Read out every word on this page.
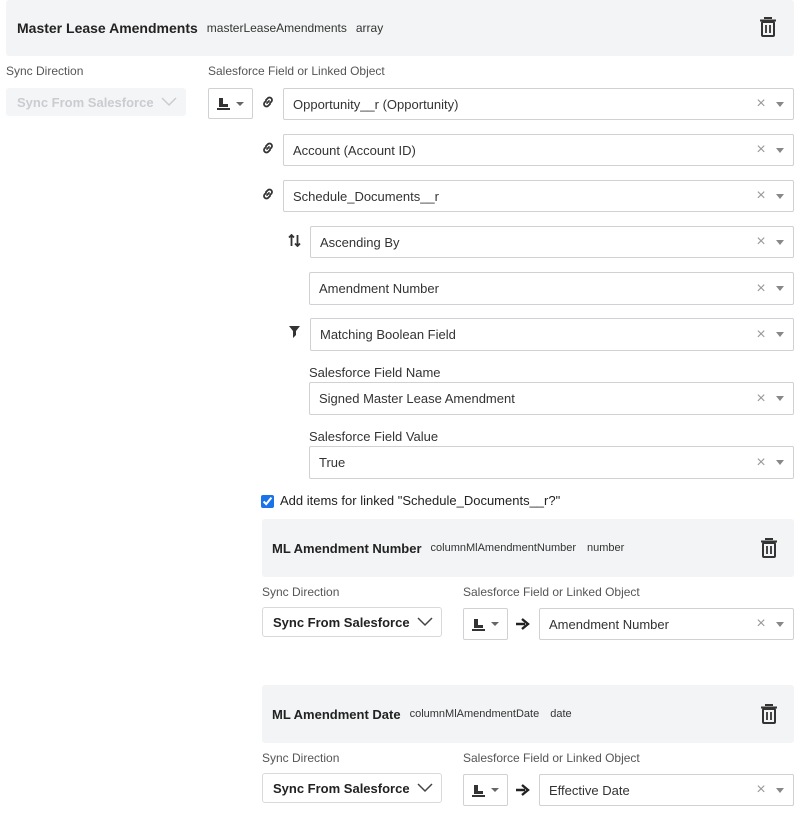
Master Lease Amendments masterLeaseAmendments array
Sync Direction	Salesforce Field or Linked Object
Sync From Salesforce	Opportunity__r (Opportunity)	×
Account (Account ID)	×
Schedule_Documents__r	×
Ascending By	×
Amendment Number	×
Matching Boolean Field	×
Salesforce Field Name
Signed Master Lease Amendment	×
Salesforce Field Value
True	×
Add items for linked "Schedule_Documents__r?"
ML Amendment Number columnMlAmendmentNumber number
Sync Direction	Salesforce Field or Linked Object
Sync From Salesforce	Amendment Number	×
ML Amendment Date columnMlAmendmentDate date
Sync Direction	Salesforce Field or Linked Object
Sync From Salesforce	Effective Date	×
